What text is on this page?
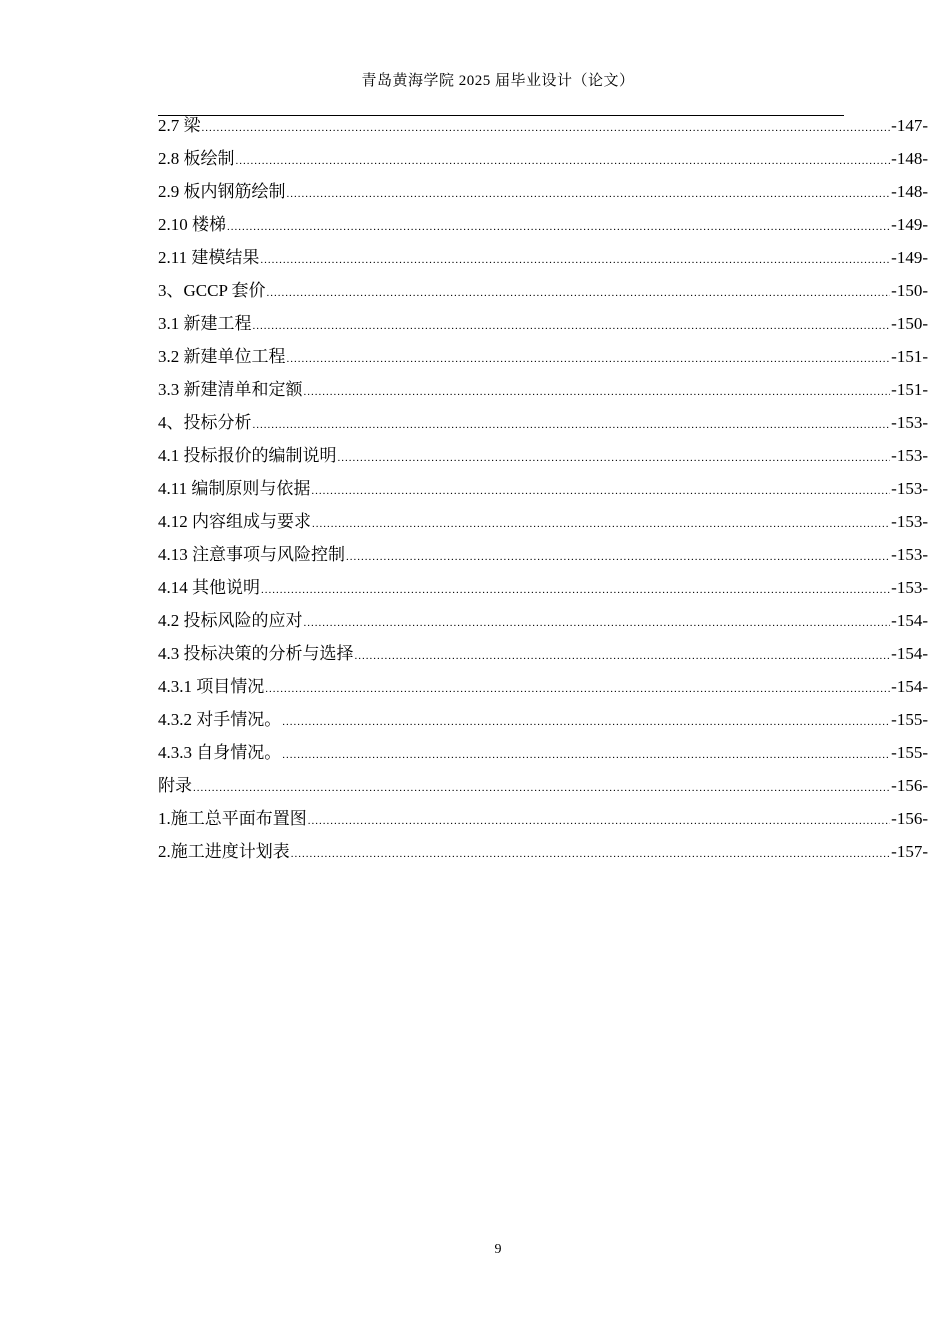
青岛黄海学院 2025 届毕业设计（论文）
2.7 梁 .....	-147-
2.8 板绘制 .....	-148-
2.9 板内钢筋绘制 .....	-148-
2.10 楼梯 .....	-149-
2.11 建模结果 .....	-149-
3、GCCP 套价 .....	-150-
3.1 新建工程 .....	-150-
3.2 新建单位工程 .....	-151-
3.3 新建清单和定额 .....	-151-
4、投标分析 .....	-153-
4.1 投标报价的编制说明 .....	-153-
4.11 编制原则与依据 .....	-153-
4.12 内容组成与要求 .....	-153-
4.13 注意事项与风险控制 .....	-153-
4.14 其他说明 .....	-153-
4.2 投标风险的应对 .....	-154-
4.3 投标决策的分析与选择 .....	-154-
4.3.1 项目情况 .....	-154-
4.3.2 对手情况。 .....	-155-
4.3.3 自身情况。 .....	-155-
附录 .....	-156-
1.施工总平面布置图 .....	-156-
2.施工进度计划表 .....	-157-
9
